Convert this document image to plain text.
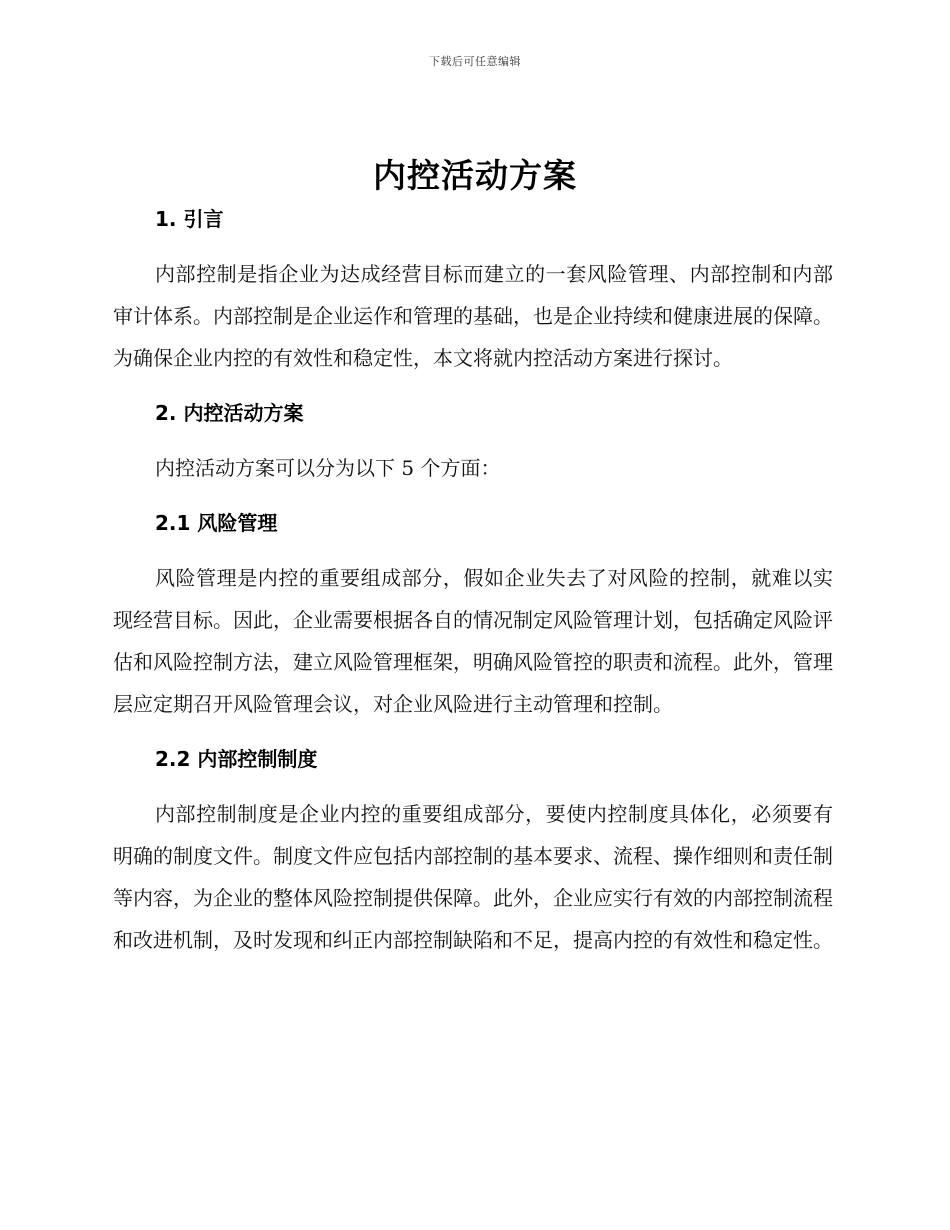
下载后可任意编辑
内控活动方案

1. 引言

内部控制是指企业为达成经营目标而建立的一套风险管理、内部控制和内部审计体系。内部控制是企业运作和管理的基础，也是企业持续和健康进展的保障。为确保企业内控的有效性和稳定性，本文将就内控活动方案进行探讨。

2. 内控活动方案

内控活动方案可以分为以下 5 个方面：

2.1 风险管理

风险管理是内控的重要组成部分，假如企业失去了对风险的控制，就难以实现经营目标。因此，企业需要根据各自的情况制定风险管理计划，包括确定风险评估和风险控制方法，建立风险管理框架，明确风险管控的职责和流程。此外，管理层应定期召开风险管理会议，对企业风险进行主动管理和控制。

2.2 内部控制制度

内部控制制度是企业内控的重要组成部分，要使内控制度具体化，必须要有明确的制度文件。制度文件应包括内部控制的基本要求、流程、操作细则和责任制等内容，为企业的整体风险控制提供保障。此外，企业应实行有效的内部控制流程和改进机制，及时发现和纠正内部控制缺陷和不足，提高内控的有效性和稳定性。
